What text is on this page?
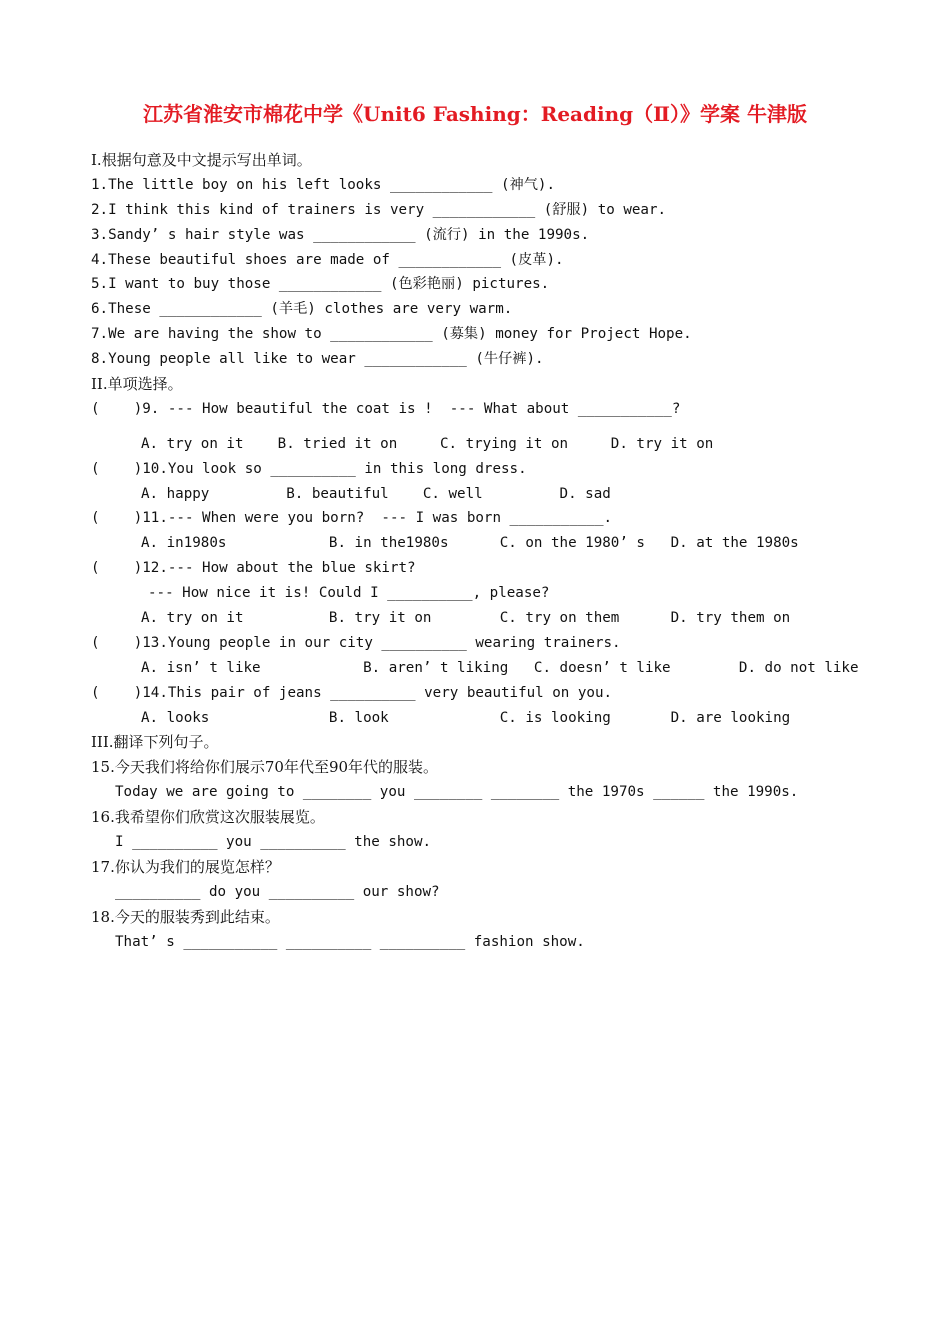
江苏省淮安市棉花中学《Unit6 Fashing：Reading（Ⅱ）》学案 牛津版
I.根据句意及中文提示写出单词。
1.The little boy on his left looks ____________ (神气).
2.I think this kind of trainers is very ____________ (舒服) to wear.
3.Sandy’ s hair style was ____________ (流行) in the 1990s.
4.These beautiful shoes are made of ____________ (皮革).
5.I want to buy those ____________ (色彩艳丽) pictures.
6.These ____________ (羊毛) clothes are very warm.
7.We are having the show to ____________ (募集) money for Project Hope.
8.Young people all like to wear ____________ (牛仔裤).
II.单项选择。
(    )9. --- How beautiful the coat is !  --- What about ___________?
A. try on it    B. tried it on     C. trying it on     D. try it on
(    )10.You look so __________ in this long dress.
A. happy         B. beautiful    C. well         D. sad
(    )11.--- When were you born?  --- I was born ___________.
A. in1980s            B. in the1980s      C. on the 1980’ s   D. at the 1980s
(    )12.--- How about the blue skirt?
--- How nice it is! Could I __________, please?
A. try on it          B. try it on        C. try on them      D. try them on
(    )13.Young people in our city __________ wearing trainers.
A. isn’ t like            B. aren’ t liking   C. doesn’ t like        D. do not like
(    )14.This pair of jeans __________ very beautiful on you.
A. looks              B. look             C. is looking       D. are looking
III.翻译下列句子。
15.今天我们将给你们展示70年代至90年代的服装。
Today we are going to ________ you ________ ________ the 1970s ______ the 1990s.
16.我希望你们欣赏这次服装展览。
I __________ you __________ the show.
17.你认为我们的展览怎样？
__________ do you __________ our show?
18.今天的服装秀到此结束。
That’ s ___________ __________ __________ fashion show.
